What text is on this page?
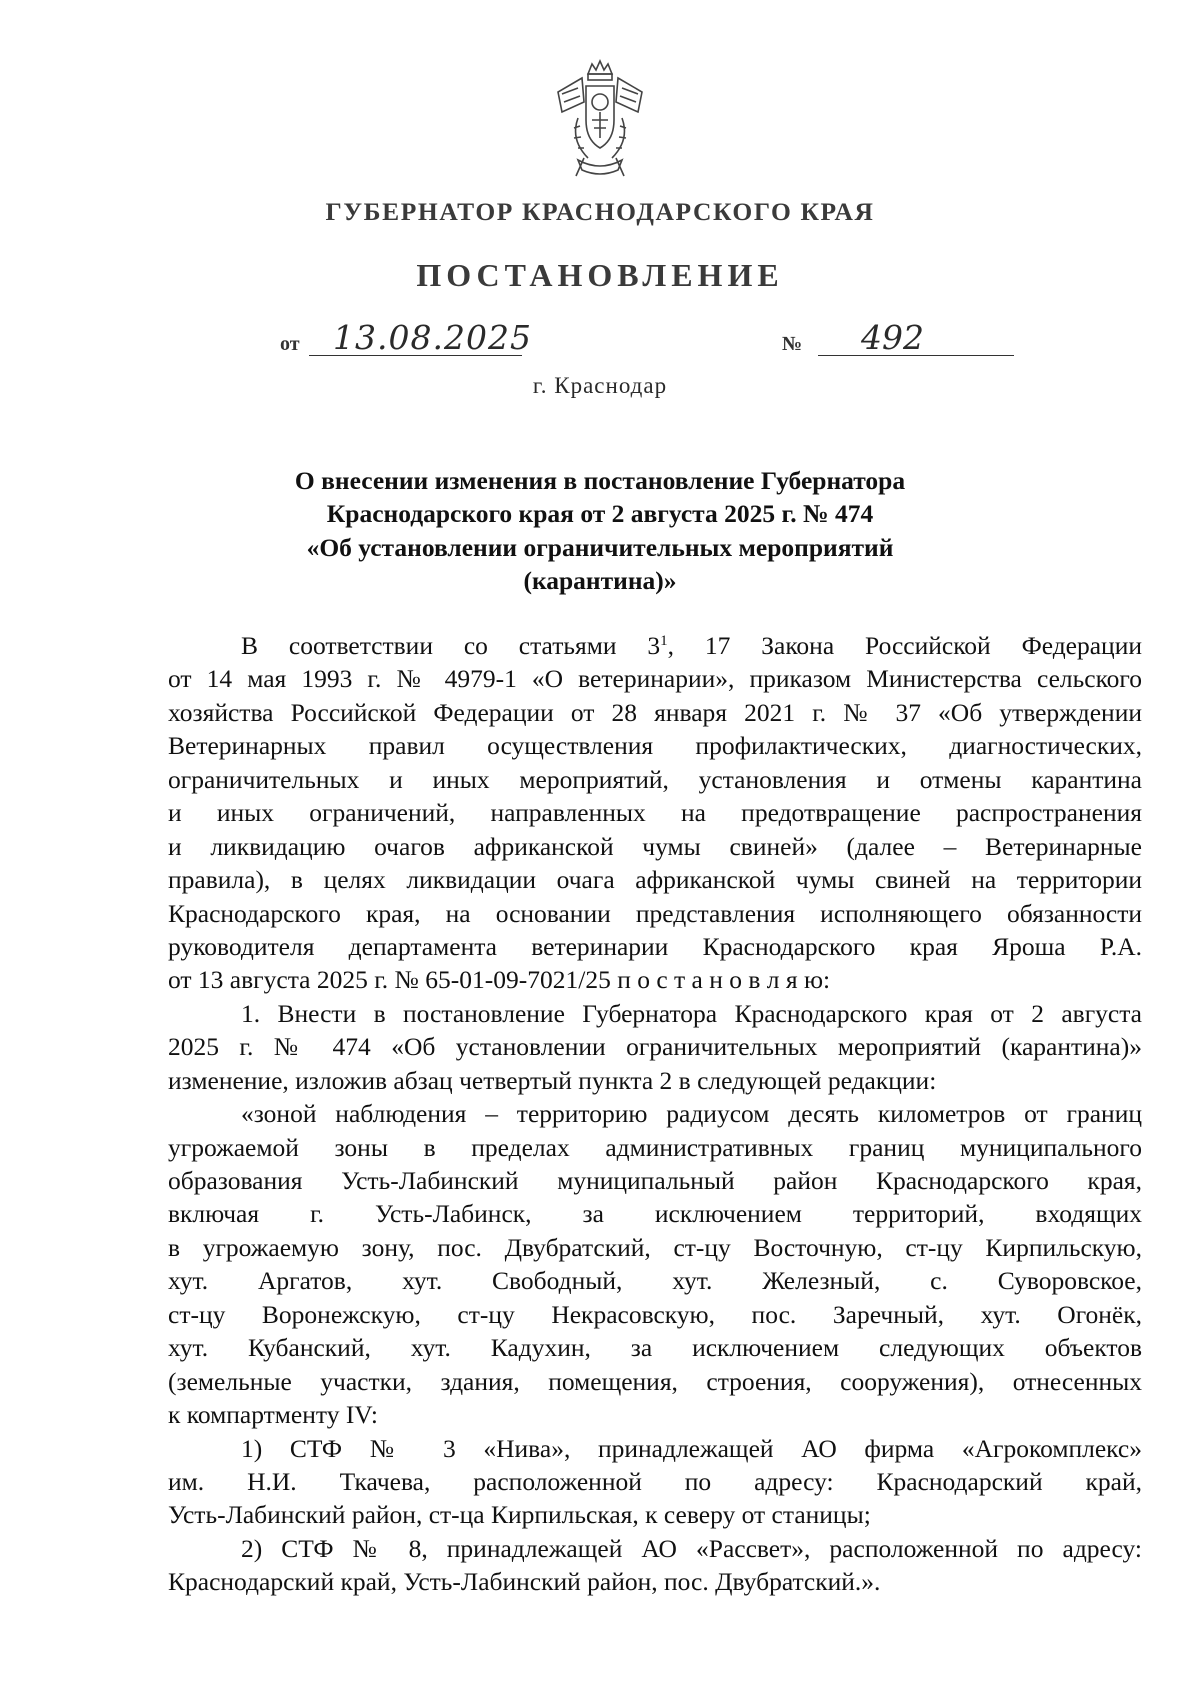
ГУБЕРНАТОР КРАСНОДАРСКОГО КРАЯ
ПОСТАНОВЛЕНИЕ
от 13.08.2025	№ 492
г. Краснодар
О внесении изменения в постановление Губернатора
Краснодарского края от 2 августа 2025 г. № 474
«Об установлении ограничительных мероприятий
(карантина)»
В соответствии со статьями $3^1$, 17 Закона Российской Федерации
от 14 мая 1993 г. № 4979-1 «О ветеринарии», приказом Министерства сельского
хозяйства Российской Федерации от 28 января 2021 г. № 37 «Об утверждении
Ветеринарных правил осуществления профилактических, диагностических,
ограничительных и иных мероприятий, установления и отмены карантина
и иных ограничений, направленных на предотвращение распространения
и ликвидацию очагов африканской чумы свиней» (далее – Ветеринарные
правила), в целях ликвидации очага африканской чумы свиней на территории
Краснодарского края, на основании представления исполняющего обязанности
руководителя департамента ветеринарии Краснодарского края Яроша Р.А.
от 13 августа 2025 г. № 65-01-09-7021/25 п о с т а н о в л я ю:
1. Внести в постановление Губернатора Краснодарского края от 2 августа
2025 г. № 474 «Об установлении ограничительных мероприятий (карантина)»
изменение, изложив абзац четвертый пункта 2 в следующей редакции:
«зоной наблюдения – территорию радиусом десять километров от границ
угрожаемой зоны в пределах административных границ муниципального
образования Усть-Лабинский муниципальный район Краснодарского края,
включая г. Усть-Лабинск, за исключением территорий, входящих
в угрожаемую зону, пос. Двубратский, ст-цу Восточную, ст-цу Кирпильскую,
хут. Аргатов, хут. Свободный, хут. Железный, с. Суворовское,
ст-цу Воронежскую, ст-цу Некрасовскую, пос. Заречный, хут. Огонёк,
хут. Кубанский, хут. Кадухин, за исключением следующих объектов
(земельные участки, здания, помещения, строения, сооружения), отнесенных
к компартменту IV:
1) СТФ № 3 «Нива», принадлежащей АО фирма «Агрокомплекс»
им. Н.И. Ткачева, расположенной по адресу: Краснодарский край,
Усть-Лабинский район, ст-ца Кирпильская, к северу от станицы;
2) СТФ № 8, принадлежащей АО «Рассвет», расположенной по адресу:
Краснодарский край, Усть-Лабинский район, пос. Двубратский.».
